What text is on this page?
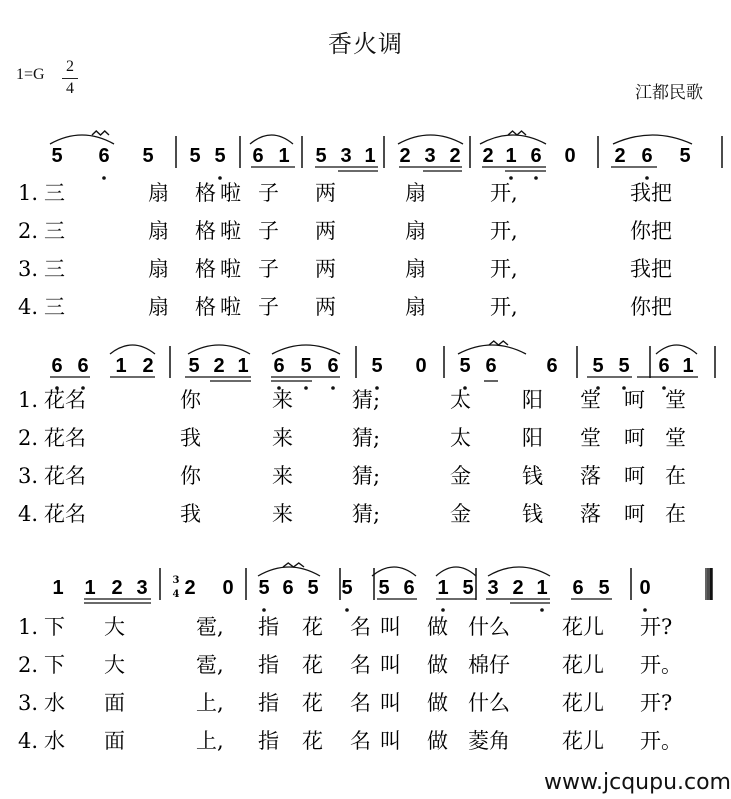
香火调
1=G 2
4	江都民歌
5 6 5 5 5 6 1 5 3 1 2 3 2 2 1 6 0 2 6 5
1. 三	扇 格 啦 子 两	扇	开,	我把
2. 三	扇 格 啦 子 两	扇	开,	你把
3. 三	扇 格 啦 子 两	扇	开,	我把
4. 三	扇 格 啦 子 两	扇	开,	你把
6 6 1 2 5 2 1 6 5 6 5 0 5 6 6 5 5 6 1
1. 花名	你	来	猜;	太 阳 堂 呵 堂
2. 花名	我	来	猜;	太 阳 堂 呵 堂
3. 花名	你	来	猜;	金 钱 落 呵 在
4. 花名	我	来	猜;	金 钱 落 呵 在
1 1 2 3 2 0 5 6 5 5 5 6 1 5 3 2 1 6 5 0
1. 下 大	雹, 指 花 名 叫 做 什么 花儿 开?
2. 下 大	雹, 指 花 名 叫 做 棉仔 花儿 开。
3. 水 面	上, 指 花 名 叫 做 什么 花儿 开?
4. 水 面	上, 指 花 名 叫 做 菱角 花儿 开。
3
4
www.jcqupu.com
